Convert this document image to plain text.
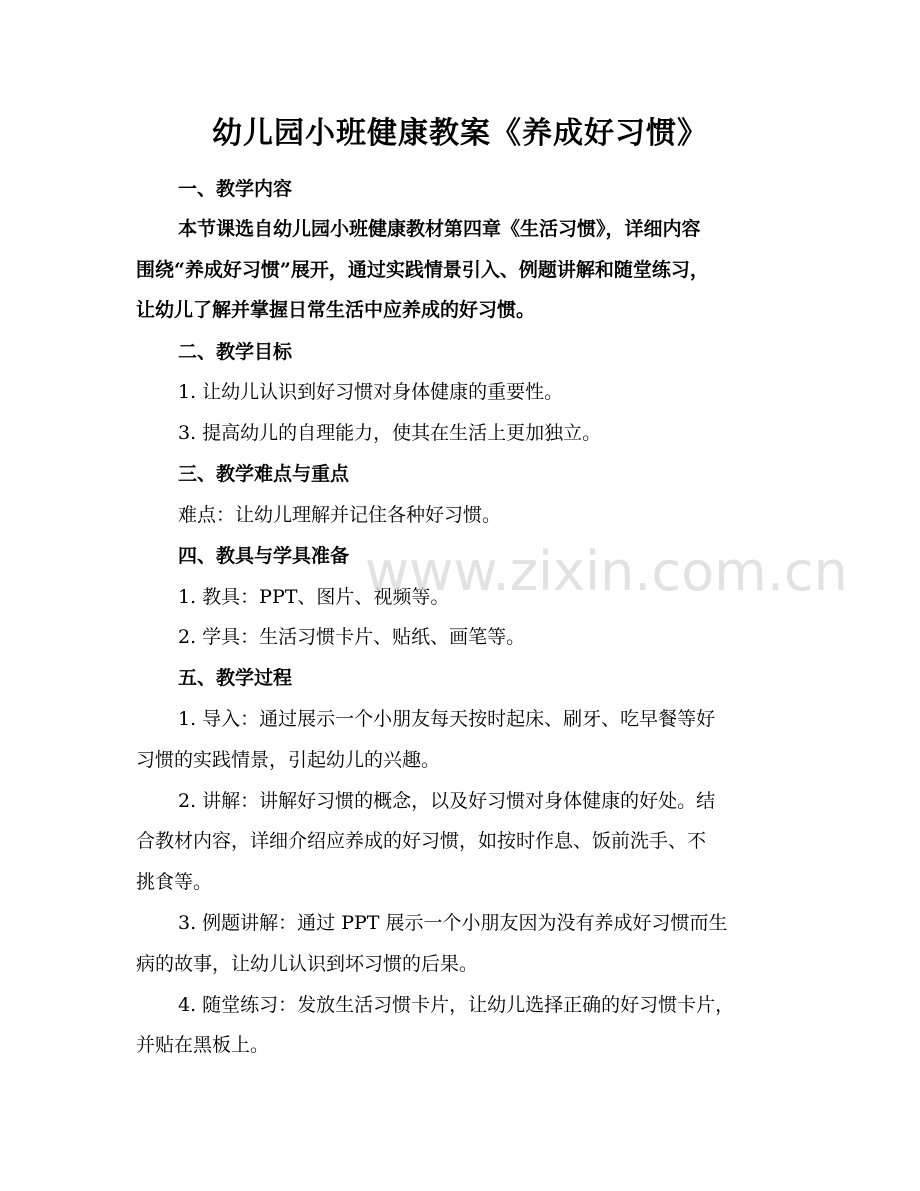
幼儿园小班健康教案《养成好习惯》
一、教学内容
本节课选自幼儿园小班健康教材第四章《生活习惯》，详细内容
围绕“养成好习惯”展开，通过实践情景引入、例题讲解和随堂练习，
让幼儿了解并掌握日常生活中应养成的好习惯。
二、教学目标
1. 让幼儿认识到好习惯对身体健康的重要性。
3. 提高幼儿的自理能力，使其在生活上更加独立。
三、教学难点与重点
难点：让幼儿理解并记住各种好习惯。
四、教具与学具准备
1. 教具：PPT、图片、视频等。
2. 学具：生活习惯卡片、贴纸、画笔等。
五、教学过程
1. 导入：通过展示一个小朋友每天按时起床、刷牙、吃早餐等好
习惯的实践情景，引起幼儿的兴趣。
2. 讲解：讲解好习惯的概念，以及好习惯对身体健康的好处。结
合教材内容，详细介绍应养成的好习惯，如按时作息、饭前洗手、不
挑食等。
3. 例题讲解：通过 PPT 展示一个小朋友因为没有养成好习惯而生
病的故事，让幼儿认识到坏习惯的后果。
4. 随堂练习：发放生活习惯卡片，让幼儿选择正确的好习惯卡片，
并贴在黑板上。
www.zixin.com.cn
